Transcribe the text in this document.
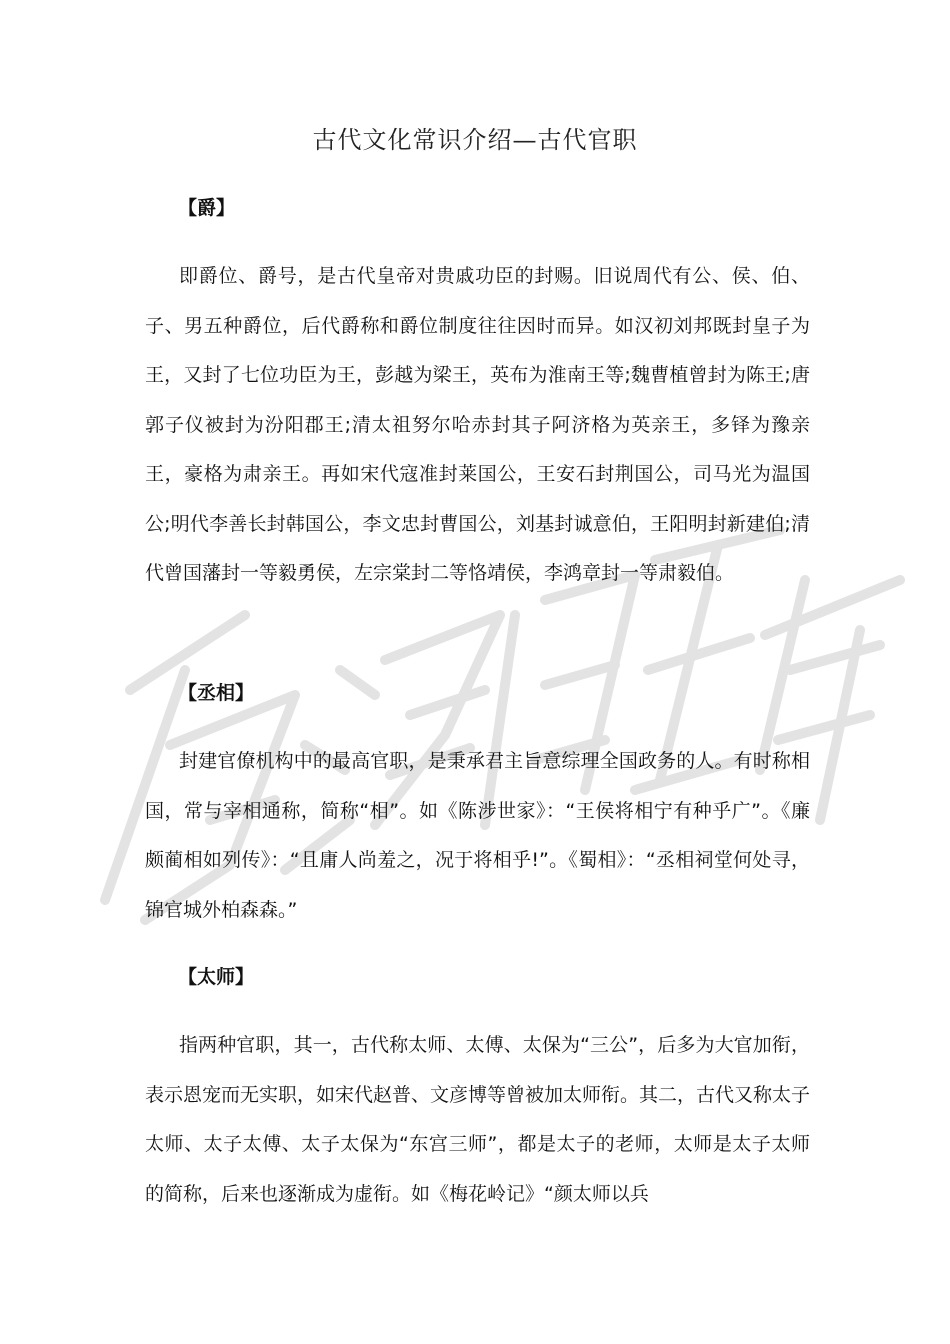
古代文化常识介绍—古代官职
【爵】
即爵位、爵号，是古代皇帝对贵戚功臣的封赐。旧说周代有公、侯、伯、子、男五种爵位，后代爵称和爵位制度往往因时而异。如汉初刘邦既封皇子为王，又封了七位功臣为王，彭越为梁王，英布为淮南王等;魏曹植曾封为陈王;唐郭子仪被封为汾阳郡王;清太祖努尔哈赤封其子阿济格为英亲王，多铎为豫亲王，豪格为肃亲王。再如宋代寇准封莱国公，王安石封荆国公，司马光为温国公;明代李善长封韩国公，李文忠封曹国公，刘基封诚意伯，王阳明封新建伯;清代曾国藩封一等毅勇侯，左宗棠封二等恪靖侯，李鸿章封一等肃毅伯。
【丞相】
封建官僚机构中的最高官职，是秉承君主旨意综理全国政务的人。有时称相国，常与宰相通称，简称“相”。如《陈涉世家》：“王侯将相宁有种乎广”。《廉颇蔺相如列传》：“且庸人尚羞之，况于将相乎!”。《蜀相》：“丞相祠堂何处寻，锦官城外柏森森。”
【太师】
指两种官职，其一，古代称太师、太傅、太保为“三公”，后多为大官加衔，表示恩宠而无实职，如宋代赵普、文彦博等曾被加太师衔。其二，古代又称太子太师、太子太傅、太子太保为“东宫三师”，都是太子的老师，太师是太子太师的简称，后来也逐渐成为虚衔。如《梅花岭记》“颜太师以兵
